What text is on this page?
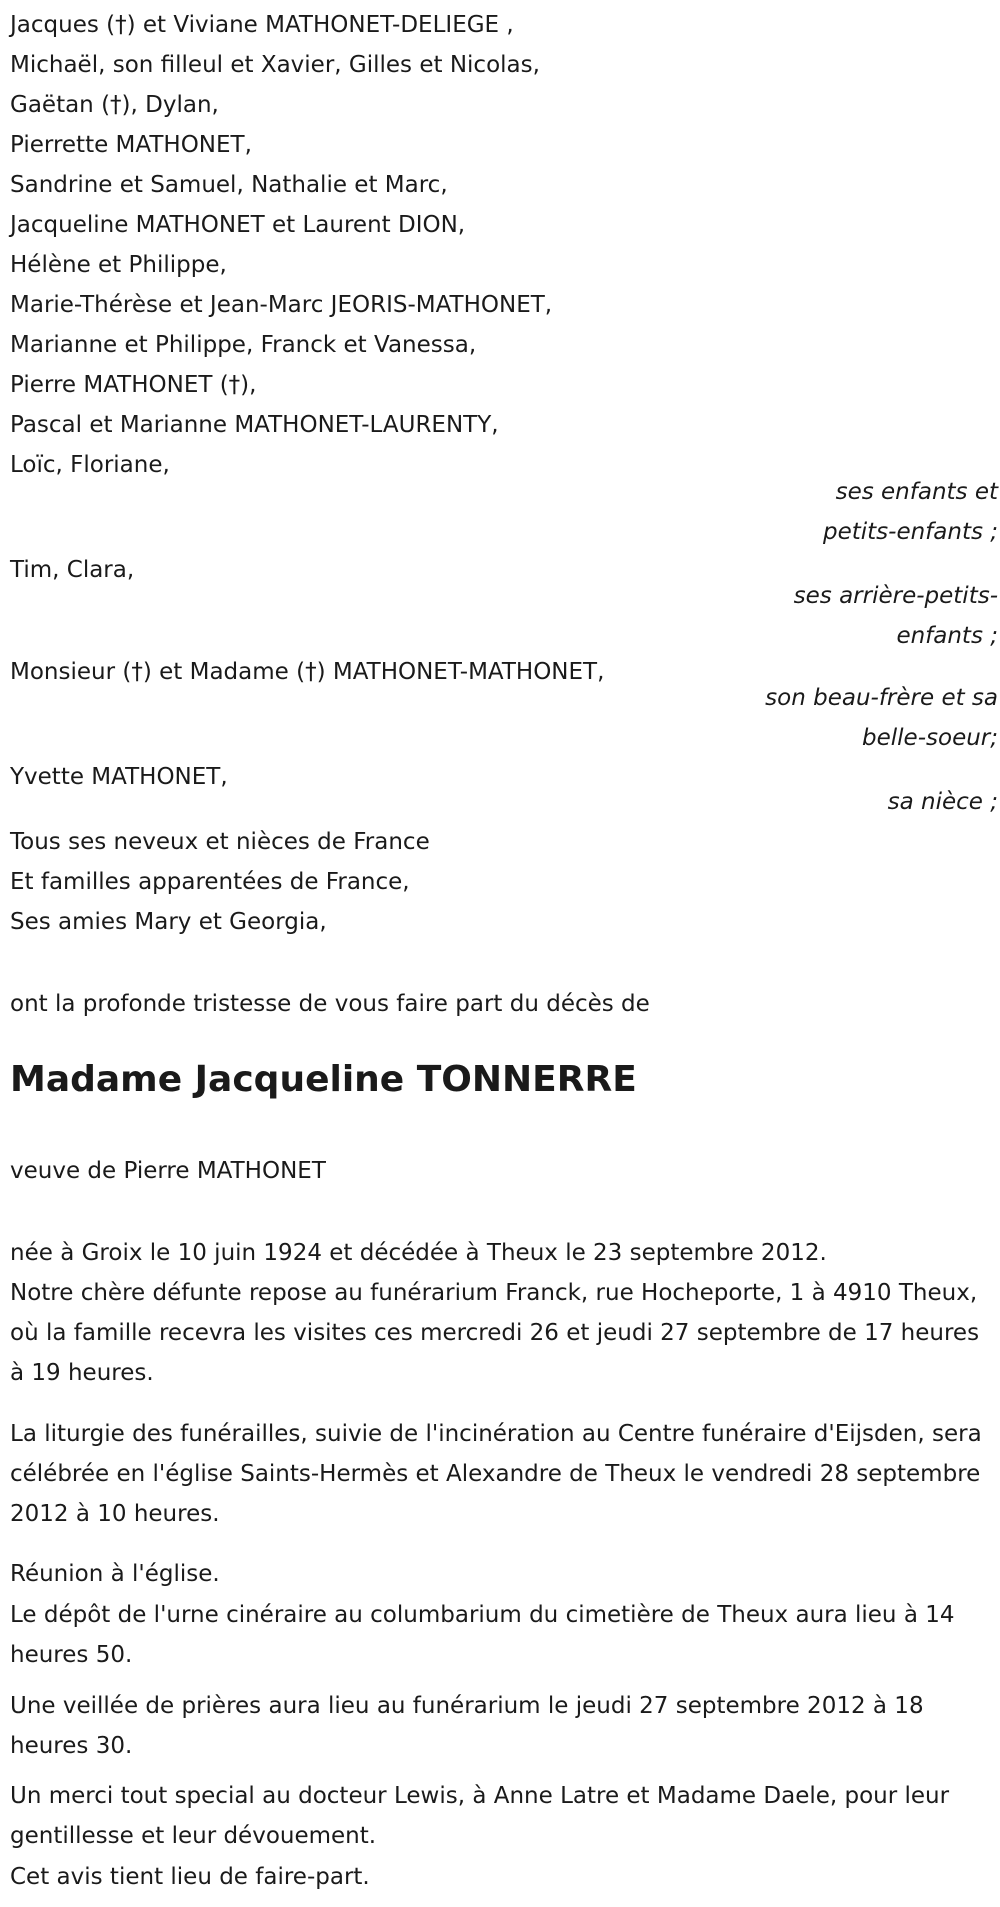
Jacques (†) et Viviane MATHONET-DELIEGE ,
Michaël, son filleul et Xavier, Gilles et Nicolas,
Gaëtan (†), Dylan,
Pierrette MATHONET,
Sandrine et Samuel, Nathalie et Marc,
Jacqueline MATHONET et Laurent DION,
Hélène et Philippe,
Marie-Thérèse et Jean-Marc JEORIS-MATHONET,
Marianne et Philippe, Franck et Vanessa,
Pierre MATHONET (†),
Pascal et Marianne MATHONET-LAURENTY,
Loïc, Floriane,
ses enfants et
petits-enfants ;
Tim, Clara,
ses arrière-petits-
enfants ;
Monsieur (†) et Madame (†) MATHONET-MATHONET,
son beau-frère et sa
belle-soeur;
Yvette MATHONET,
sa nièce ;
Tous ses neveux et nièces de France
Et familles apparentées de France,
Ses amies Mary et Georgia,
ont la profonde tristesse de vous faire part du décès de
Madame Jacqueline TONNERRE
veuve de Pierre MATHONET
née à Groix le 10 juin 1924 et décédée à Theux le 23 septembre 2012.
Notre chère défunte repose au funérarium Franck, rue Hocheporte, 1 à 4910 Theux, où la famille recevra les visites ces mercredi 26 et jeudi 27 septembre de 17 heures à 19 heures.
La liturgie des funérailles, suivie de l'incinération au Centre funéraire d'Eijsden, sera célébrée en l'église Saints-Hermès et Alexandre de Theux le vendredi 28 septembre 2012 à 10 heures.
Réunion à l'église.
Le dépôt de l'urne cinéraire au columbarium du cimetière de Theux aura lieu à 14 heures 50.
Une veillée de prières aura lieu au funérarium le jeudi 27 septembre 2012 à 18 heures 30.
Un merci tout special au docteur Lewis, à Anne Latre et Madame Daele, pour leur gentillesse et leur dévouement.
Cet avis tient lieu de faire-part.
